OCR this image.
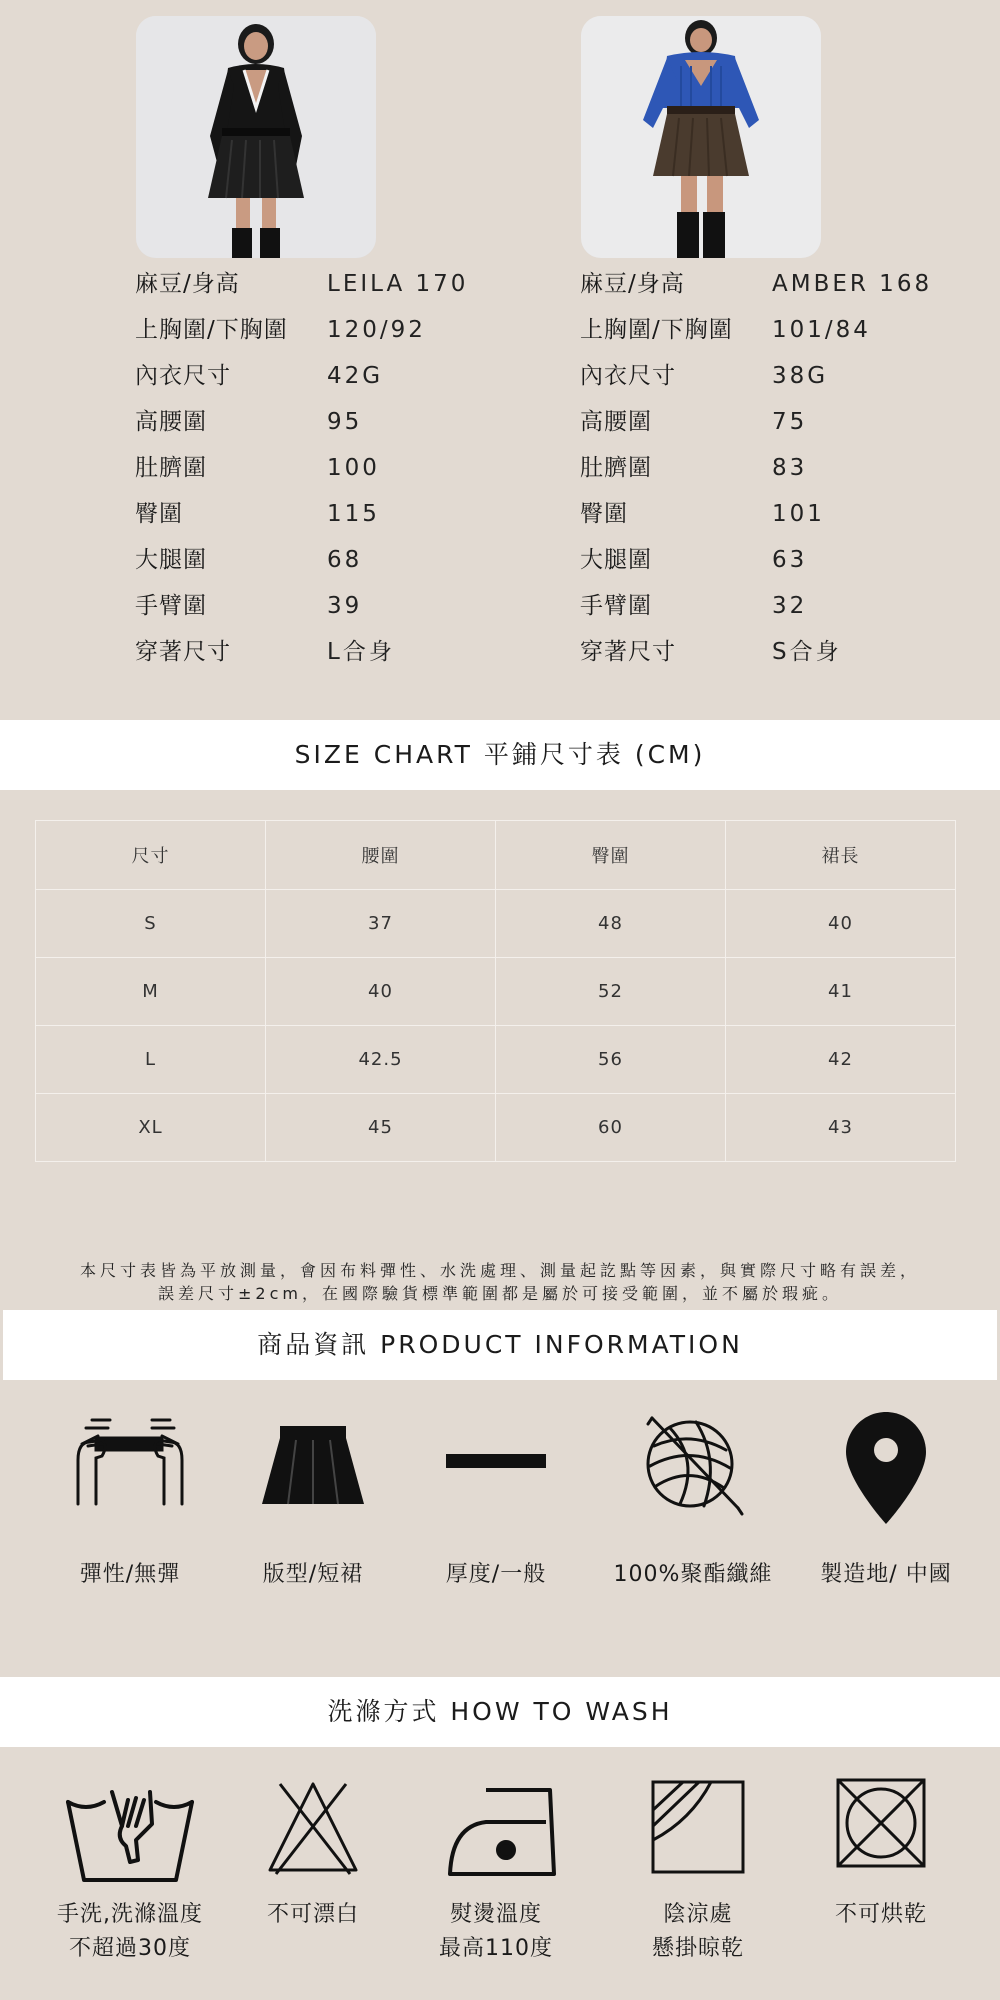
麻豆/身高	LEILA 170
上胸圍/下胸圍 120/92
內衣尺寸	42G
高腰圍	95
肚臍圍	100
臀圍	115
大腿圍	68
手臂圍	39
穿著尺寸	L合身
麻豆/身高	AMBER 168
上胸圍/下胸圍 101/84
內衣尺寸	38G
高腰圍	75
肚臍圍	83
臀圍	101
大腿圍	63
手臂圍	32
穿著尺寸	S合身
SIZE CHART 平鋪尺寸表 (CM)
尺寸	腰圍	臀圍	裙長
S	37	48	40
M	40	52	41
L	42.5	56	42
XL	45	60	43
本尺寸表皆為平放測量，會因布料彈性、水洗處理、測量起訖點等因素，與實際尺寸略有誤差，
誤差尺寸±2cm，在國際驗貨標準範圍都是屬於可接受範圍，並不屬於瑕疵。
商品資訊 PRODUCT INFORMATION
彈性/無彈	版型/短裙	厚度/一般	100%聚酯纖維	製造地/ 中國
洗滌方式 HOW TO WASH
手洗,洗滌溫度
不超過30度
不可漂白	熨燙溫度
最高110度
陰涼處
懸掛晾乾
不可烘乾
